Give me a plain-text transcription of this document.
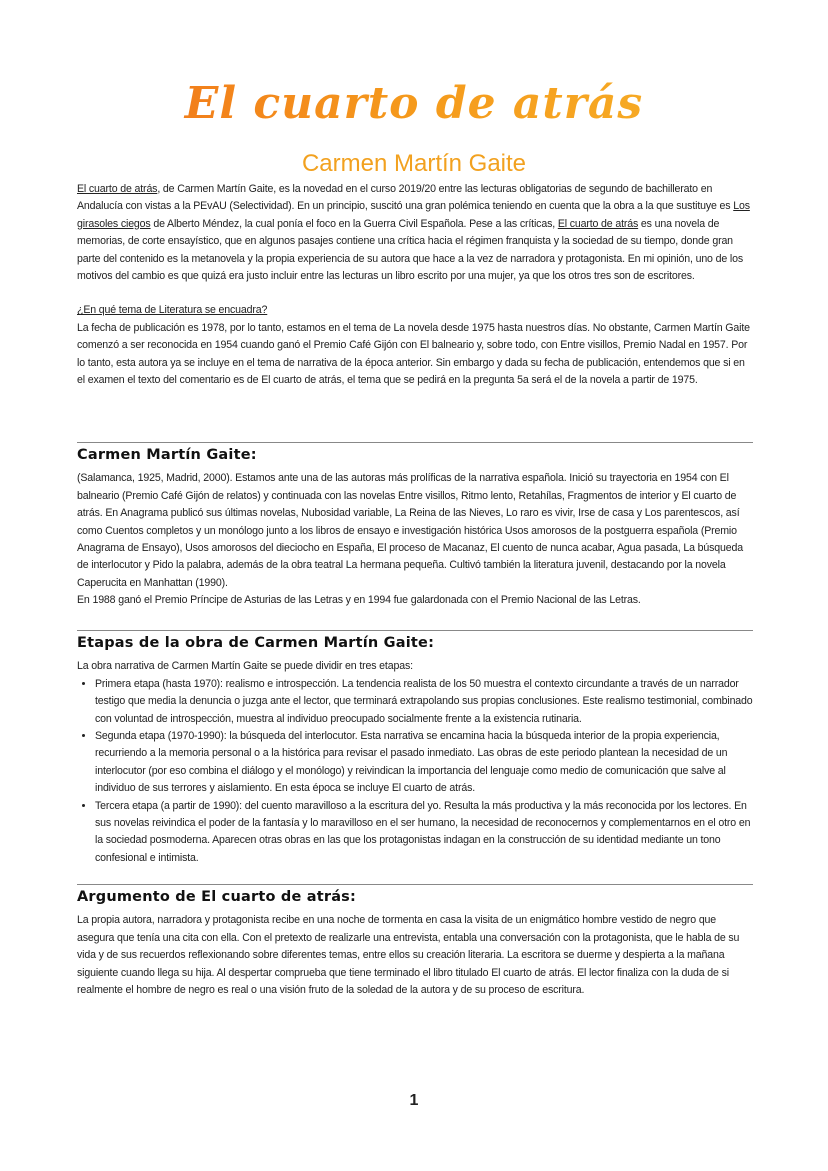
El cuarto de atrás
Carmen Martín Gaite

El cuarto de atrás, de Carmen Martín Gaite, es la novedad en el curso 2019/20 entre las lecturas obligatorias de segundo de bachillerato en Andalucía con vistas a la PEvAU (Selectividad). En un principio, suscitó una gran polémica teniendo en cuenta que la obra a la que sustituye es Los girasoles ciegos de Alberto Méndez, la cual ponía el foco en la Guerra Civil Española. Pese a las críticas, El cuarto de atrás es una novela de memorias, de corte ensayístico, que en algunos pasajes contiene una crítica hacia el régimen franquista y la sociedad de su tiempo, donde gran parte del contenido es la metanovela y la propia experiencia de su autora que hace a la vez de narradora y protagonista. En mi opinión, uno de los motivos del cambio es que quizá era justo incluir entre las lecturas un libro escrito por una mujer, ya que los otros tres son de escritores.

¿En qué tema de Literatura se encuadra?

La fecha de publicación es 1978, por lo tanto, estamos en el tema de La novela desde 1975 hasta nuestros días. No obstante, Carmen Martín Gaite comenzó a ser reconocida en 1954 cuando ganó el Premio Café Gijón con El balneario y, sobre todo, con Entre visillos, Premio Nadal en 1957. Por lo tanto, esta autora ya se incluye en el tema de narrativa de la época anterior. Sin embargo y dada su fecha de publicación, entendemos que si en el examen el texto del comentario es de El cuarto de atrás, el tema que se pedirá en la pregunta 5a será el de la novela a partir de 1975.

Carmen Martín Gaite:

(Salamanca, 1925, Madrid, 2000). Estamos ante una de las autoras más prolíficas de la narrativa española. Inició su trayectoria en 1954 con El balneario (Premio Café Gijón de relatos) y continuada con las novelas Entre visillos, Ritmo lento, Retahílas, Fragmentos de interior y El cuarto de atrás. En Anagrama publicó sus últimas novelas, Nubosidad variable, La Reina de las Nieves, Lo raro es vivir, Irse de casa y Los parentescos, así como Cuentos completos y un monólogo junto a los libros de ensayo e investigación histórica Usos amorosos de la postguerra española (Premio Anagrama de Ensayo), Usos amorosos del dieciocho en España, El proceso de Macanaz, El cuento de nunca acabar, Agua pasada, La búsqueda de interlocutor y Pido la palabra, además de la obra teatral La hermana pequeña. Cultivó también la literatura juvenil, destacando por la novela Caperucita en Manhattan (1990).

En 1988 ganó el Premio Príncipe de Asturias de las Letras y en 1994 fue galardonada con el Premio Nacional de las Letras.

Etapas de la obra de Carmen Martín Gaite:

La obra narrativa de Carmen Martín Gaite se puede dividir en tres etapas:

• Primera etapa (hasta 1970): realismo e introspección. La tendencia realista de los 50 muestra el contexto circundante a través de un narrador testigo que media la denuncia o juzga ante el lector, que terminará extrapolando sus propias conclusiones. Este realismo testimonial, combinado con voluntad de introspección, muestra al individuo preocupado socialmente frente a la existencia rutinaria.
• Segunda etapa (1970-1990): la búsqueda del interlocutor. Esta narrativa se encamina hacia la búsqueda interior de la propia experiencia, recurriendo a la memoria personal o a la histórica para revisar el pasado inmediato. Las obras de este periodo plantean la necesidad de un interlocutor (por eso combina el diálogo y el monólogo) y reivindican la importancia del lenguaje como medio de comunicación que salve al individuo de sus terrores y aislamiento. En esta época se incluye El cuarto de atrás.
• Tercera etapa (a partir de 1990): del cuento maravilloso a la escritura del yo. Resulta la más productiva y la más reconocida por los lectores. En sus novelas reivindica el poder de la fantasía y lo maravilloso en el ser humano, la necesidad de reconocernos y complementarnos en el otro en la sociedad posmoderna. Aparecen otras obras en las que los protagonistas indagan en la construcción de su identidad mediante un tono confesional e intimista.
Argumento de El cuarto de atrás:

La propia autora, narradora y protagonista recibe en una noche de tormenta en casa la visita de un enigmático hombre vestido de negro que asegura que tenía una cita con ella. Con el pretexto de realizarle una entrevista, entabla una conversación con la protagonista, que le habla de su vida y de sus recuerdos reflexionando sobre diferentes temas, entre ellos su creación literaria. La escritora se duerme y despierta a la mañana siguiente cuando llega su hija. Al despertar comprueba que tiene terminado el libro titulado El cuarto de atrás. El lector finaliza con la duda de si realmente el hombre de negro es real o una visión fruto de la soledad de la autora y de su proceso de escritura.

1
